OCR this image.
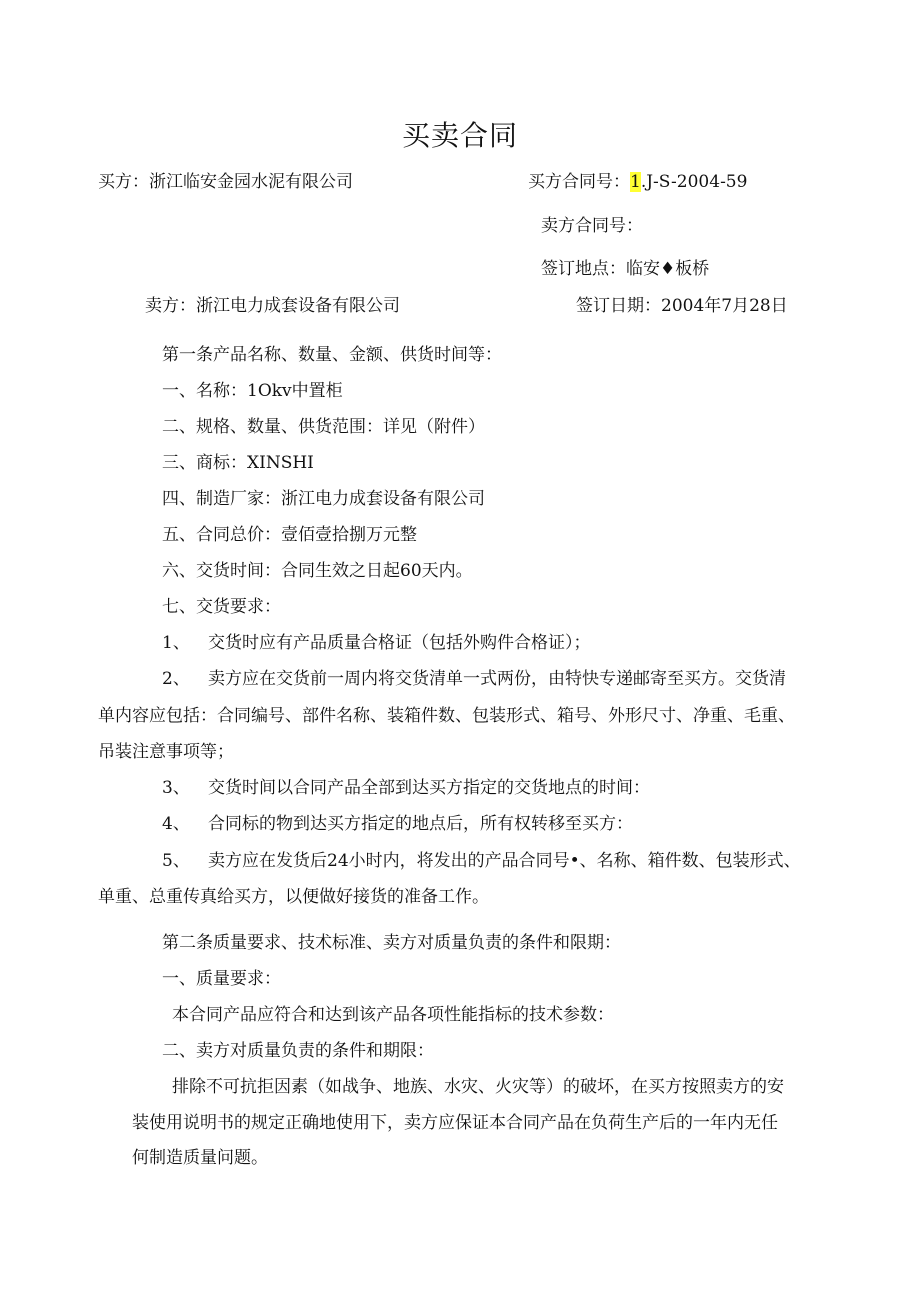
买卖合同
买方：浙江临安金园水泥有限公司	买方合同号：1.J-S-2004-59
卖方合同号：
签订地点：临安♦板桥
卖方：浙江电力成套设备有限公司	签订日期：2004年7月28日
第一条产品名称、数量、金额、供货时间等：
一、名称：1Okv中置柜
二、规格、数量、供货范围：详见（附件）
三、商标：XINSHI
四、制造厂家：浙江电力成套设备有限公司
五、合同总价：壹佰壹拾捌万元整
六、交货时间：合同生效之日起60天内。
七、交货要求：
1、 交货时应有产品质量合格证（包括外购件合格证）；
2、 卖方应在交货前一周内将交货清单一式两份，由特快专递邮寄至买方。交货清
单内容应包括：合同编号、部件名称、装箱件数、包装形式、箱号、外形尺寸、净重、毛重、
吊装注意事项等；
3、 交货时间以合同产品全部到达买方指定的交货地点的时间：
4、 合同标的物到达买方指定的地点后，所有权转移至买方：
5、 卖方应在发货后24小时内，将发出的产品合同号•、名称、箱件数、包装形式、
单重、总重传真给买方，以便做好接货的准备工作。
第二条质量要求、技术标准、卖方对质量负责的条件和限期：
一、质量要求：
本合同产品应符合和达到该产品各项性能指标的技术参数：
二、卖方对质量负责的条件和期限：
排除不可抗拒因素（如战争、地族、水灾、火灾等）的破坏，在买方按照卖方的安
装使用说明书的规定正确地使用下，卖方应保证本合同产品在负荷生产后的一年内无任
何制造质量问题。
